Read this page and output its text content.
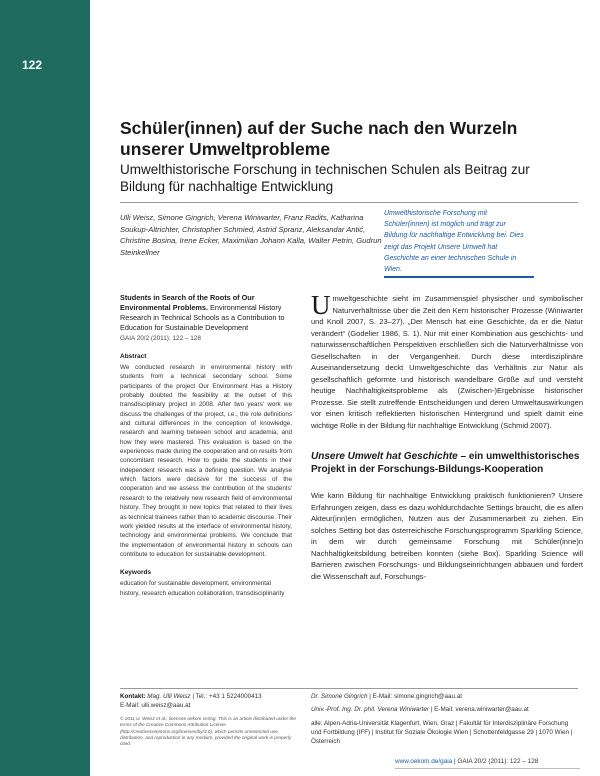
122
Schüler(innen) auf der Suche nach den Wurzeln unserer Umweltprobleme
Umwelthistorische Forschung in technischen Schulen als Beitrag zur Bildung für nachhaltige Entwicklung
Ulli Weisz, Simone Gingrich, Verena Winiwarter, Franz Radits, Katharina Soukup-Altrichter, Christopher Schmied, Astrid Spranz, Aleksandar Antić, Christine Bosina, Irene Ecker, Maximilian Johann Kalla, Walter Petrin, Gudrun Steinkellner
Umwelthistorische Forschung mit Schüler(innen) ist möglich und trägt zur Bildung für nachhaltige Entwicklung bei. Dies zeigt das Projekt Unsere Umwelt hat Geschichte an einer technischen Schule in Wien.

Students in Search of the Roots of Our Environmental Problems. Environmental History Research in Technical Schools as a Contribution to Education for Sustainable Development

GAIA 20/2 (2011): 122 – 128
Abstract

We conducted research in environmental history with students from a technical secondary school. Some participants of the project Our Environment Has a History probably doubted the feasibility at the outset of this transdisciplinary project in 2008. After two years' work we discuss the challenges of the project, i.e., the role definitions and cultural differences in the conception of knowledge, research and learning between school and academia, and how they were mastered. This evaluation is based on the experiences made during the cooperation and on results from concomitant research. How to guide the students in their independent research was a defining question. We analyse which factors were decisive for the success of the cooperation and we assess the contribution of the students' research to the relatively new research field of environmental history. They brought in new topics that related to their lives as technical trainees rather than to academic discourse. Their work yielded results at the interface of environmental history, technology and environmental problems. We conclude that the implementation of environmental history in schools can contribute to education for sustainable development.

Keywords

education for sustainable development, environmental history, research education collaboration, transdisciplinarity

Umweltgeschichte sieht im Zusammenspiel physischer und symbolischer Naturverhältnisse über die Zeit den Kern historischer Prozesse (Winiwarter und Knoll 2007, S. 23–27). „Der Mensch hat eine Geschichte, da er die Natur verändert“ (Godelier 1986, S. 1). Nur mit einer Kombination aus geschichts- und naturwissenschaftlichen Perspektiven erschließen sich die Naturverhältnisse von Gesellschaften in der Vergangenheit. Durch diese interdisziplinäre Auseinandersetzung deckt Umweltgeschichte das Verhältnis zur Natur als gesellschaftlich geformte und historisch wandelbare Größe auf und versteht heutige Nachhaltigkeitsprobleme als (Zwischen-)Ergebnisse historischer Prozesse. Sie stellt zutreffende Entscheidungen und deren Umweltauswirkungen vor einen kritisch reflektierten historischen Hintergrund und spielt damit eine wichtige Rolle in der Bildung für nachhaltige Entwicklung (Schmid 2007).

Unsere Umwelt hat Geschichte – ein umwelthistorisches Projekt in der Forschungs-Bildungs-Kooperation

Wie kann Bildung für nachhaltige Entwicklung praktisch funktionieren? Unsere Erfahrungen zeigen, dass es dazu wohldurchdachte Settings braucht, die es allen Akteur(inn)en ermöglichen, Nutzen aus der Zusammenarbeit zu ziehen. Ein solches Setting bot das österreichische Forschungsprogramm Sparkling Science, in dem wir durch gemeinsame Forschung mit Schüler(inne)n Nachhaltigkeitsbildung betreiben konnten (siehe Box). Sparkling Science will Barrieren zwischen Forschungs- und Bildungseinrichtungen abbauen und fordert die Wissenschaft auf, Forschungs-

Kontakt: Mag. Ulli Weisz | Tel.: +43 1 5224000413
E-Mail: ulli.weisz@aau.at
© 2011 U. Weisz et al.; licensee oekom verlag. This is an article distributed under the terms of the Creative Commons Attribution License (http://creativecommons.org/licenses/by/3.0), which permits unrestricted use, distribution, and reproduction in any medium, provided the original work is properly cited.
Dr. Simone Gingrich | E-Mail: simone.gingrich@aau.at
Univ.-Prof. Ing. Dr. phil. Verena Winiwarter | E-Mail: verena.winiwarter@aau.at
alle: Alpen-Adria-Universität Klagenfurt, Wien, Graz | Fakultät für Interdisziplinäre Forschung und Fortbildung (IFF) | Institut für Soziale Ökologie Wien | Schottenfeldgasse 29 | 1070 Wien | Österreich
www.oekom.de/gaia | GAIA 20/2 (2011): 122 – 128
